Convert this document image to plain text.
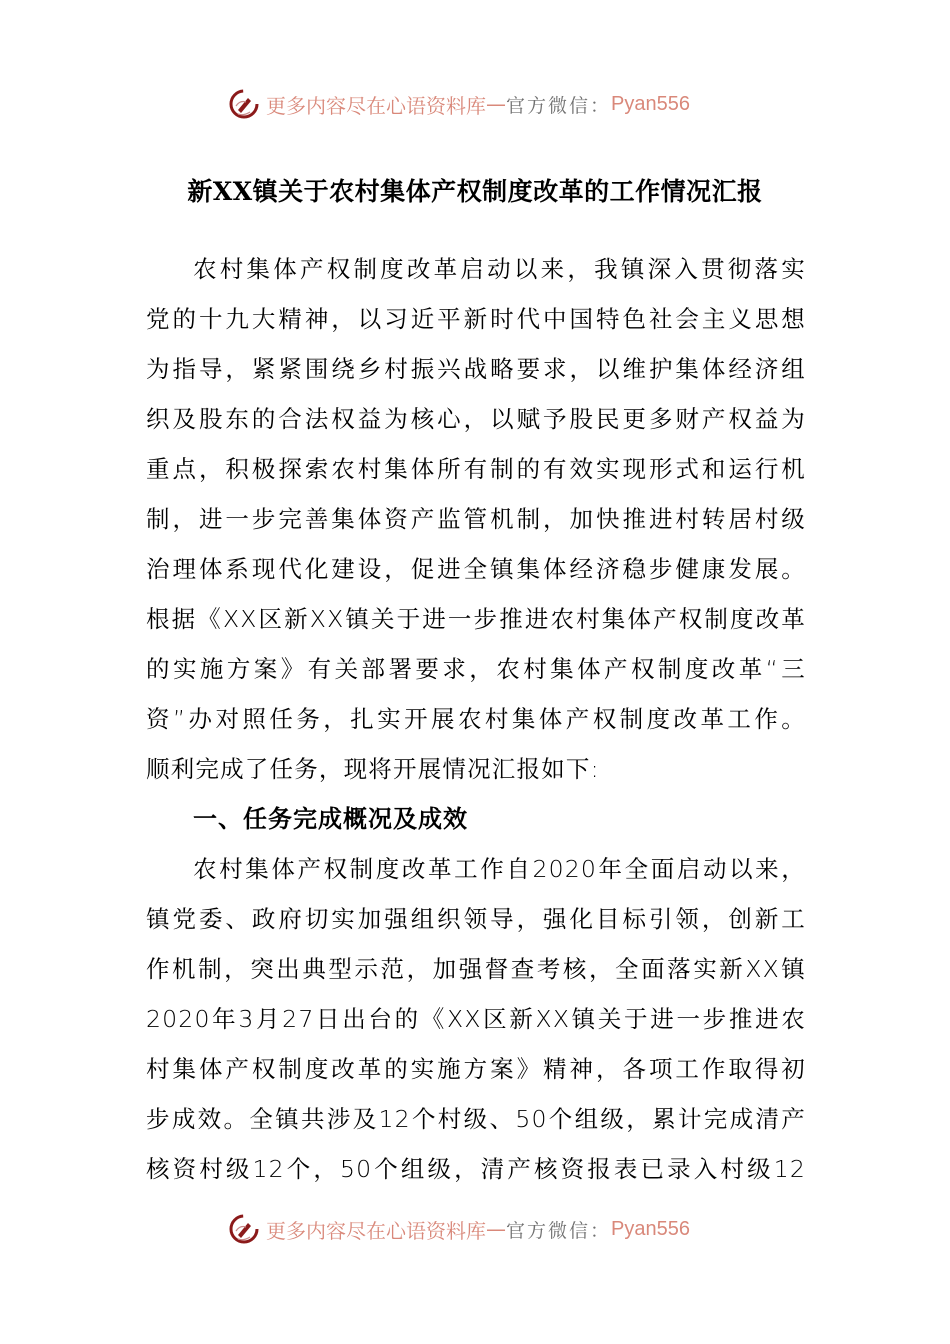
更多内容尽在心语资料库 — 官方微信： Pyan556
新XX镇关于农村集体产权制度改革的工作情况汇报
农村集体产权制度改革启动以来，我镇深入贯彻落实
党的十九大精神，以习近平新时代中国特色社会主义思想
为指导，紧紧围绕乡村振兴战略要求，以维护集体经济组
织及股东的合法权益为核心，以赋予股民更多财产权益为
重点，积极探索农村集体所有制的有效实现形式和运行机
制，进一步完善集体资产监管机制，加快推进村转居村级
治理体系现代化建设，促进全镇集体经济稳步健康发展。
根据《XX区新XX镇关于进一步推进农村集体产权制度改革
的实施方案》有关部署要求，农村集体产权制度改革“三
资”办对照任务，扎实开展农村集体产权制度改革工作。
顺利完成了任务，现将开展情况汇报如下:
一、任务完成概况及成效
农村集体产权制度改革工作自2020年全面启动以来，
镇党委、政府切实加强组织领导，强化目标引领，创新工
作机制，突出典型示范，加强督查考核，全面落实新XX镇
2020年3月27日出台的《XX区新XX镇关于进一步推进农
村集体产权制度改革的实施方案》精神，各项工作取得初
步成效。全镇共涉及12个村级、50个组级，累计完成清产
核资村级12个，50个组级，清产核资报表已录入村级12
更多内容尽在心语资料库 — 官方微信： Pyan556
